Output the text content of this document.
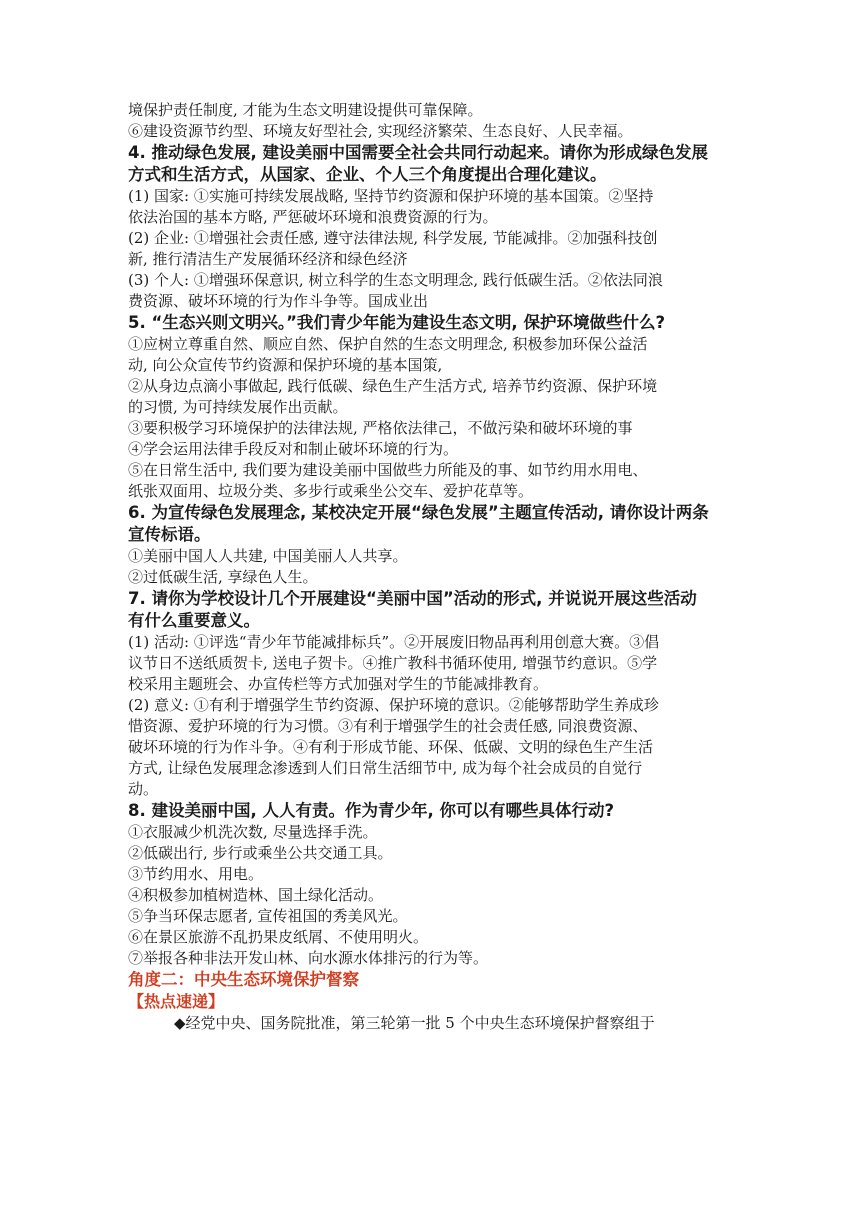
境保护责任制度, 才能为生态文明建设提供可靠保障。
⑥建设资源节约型、环境友好型社会, 实现经济繁荣、生态良好、人民幸福。
4. 推动绿色发展, 建设美丽中国需要全社会共同行动起来。请你为形成绿色发展
方式和生活方式，从国家、企业、个人三个角度提出合理化建议。
(1) 国家: ①实施可持续发展战略, 坚持节约资源和保护环境的基本国策。②坚持
依法治国的基本方略, 严惩破坏环境和浪费资源的行为。
(2) 企业: ①增强社会责任感, 遵守法律法规, 科学发展, 节能减排。②加强科技创
新, 推行清洁生产发展循环经济和绿色经济
(3) 个人: ①增强环保意识, 树立科学的生态文明理念, 践行低碳生活。②依法同浪
费资源、破坏环境的行为作斗争等。国成业出
5. “生态兴则文明兴。”我们青少年能为建设生态文明, 保护环境做些什么?
①应树立尊重自然、顺应自然、保护自然的生态文明理念, 积极参加环保公益活
动, 向公众宣传节约资源和保护环境的基本国策,
②从身边点滴小事做起, 践行低碳、绿色生产生活方式, 培养节约资源、保护环境
的习惯, 为可持续发展作出贡献。
③要积极学习环境保护的法律法规, 严格依法律己，不做污染和破坏环境的事
④学会运用法律手段反对和制止破坏环境的行为。
⑤在日常生活中, 我们要为建设美丽中国做些力所能及的事、如节约用水用电、
纸张双面用、垃圾分类、多步行或乘坐公交车、爱护花草等。
6. 为宣传绿色发展理念, 某校决定开展“绿色发展”主题宣传活动, 请你设计两条
宣传标语。
①美丽中国人人共建, 中国美丽人人共享。
②过低碳生活, 享绿色人生。
7. 请你为学校设计几个开展建设“美丽中国”活动的形式, 并说说开展这些活动
有什么重要意义。
(1) 活动: ①评选“青少年节能减排标兵”。②开展废旧物品再利用创意大赛。③倡
议节日不送纸质贺卡, 送电子贺卡。④推广教科书循环使用, 增强节约意识。⑤学
校采用主题班会、办宣传栏等方式加强对学生的节能减排教育。
(2) 意义: ①有利于增强学生节约资源、保护环境的意识。②能够帮助学生养成珍
惜资源、爱护环境的行为习惯。③有利于增强学生的社会责任感, 同浪费资源、
破坏环境的行为作斗争。④有利于形成节能、环保、低碳、文明的绿色生产生活
方式, 让绿色发展理念渗透到人们日常生活细节中, 成为每个社会成员的自觉行
动。
8. 建设美丽中国, 人人有责。作为青少年, 你可以有哪些具体行动?
①衣服减少机洗次数, 尽量选择手洗。
②低碳出行, 步行或乘坐公共交通工具。
③节约用水、用电。
④积极参加植树造林、国土绿化活动。
⑤争当环保志愿者, 宣传祖国的秀美风光。
⑥在景区旅游不乱扔果皮纸屑、不使用明火。
⑦举报各种非法开发山林、向水源水体排污的行为等。
角度二：中央生态环境保护督察
【热点速递】
◆经党中央、国务院批准，第三轮第一批 5 个中央生态环境保护督察组于
